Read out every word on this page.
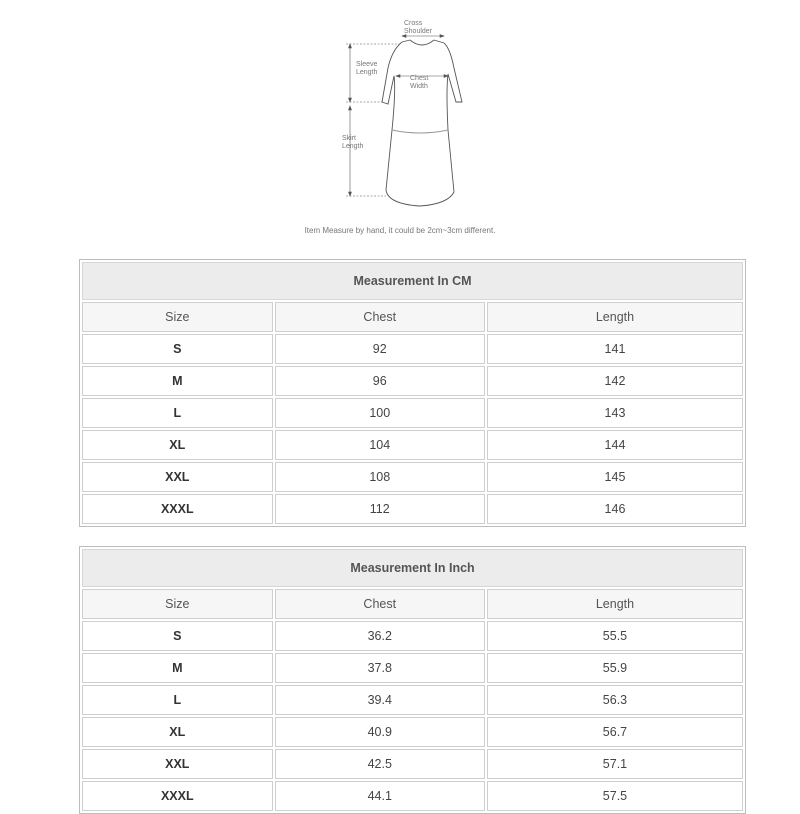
Cross
Shoulder
Sleeve
Length
Chest
Width
Skirt
Length
Item Measure by hand, it could be 2cm~3cm different.
Measurement In CM		
Size	Chest	Length
S	92	141
M	96	142
L	100	143
XL	104	144
XXL	108	145
XXXL	112	146
Measurement In Inch		
Size	Chest	Length
S	36.2	55.5
M	37.8	55.9
L	39.4	56.3
XL	40.9	56.7
XXL	42.5	57.1
XXXL	44.1	57.5
